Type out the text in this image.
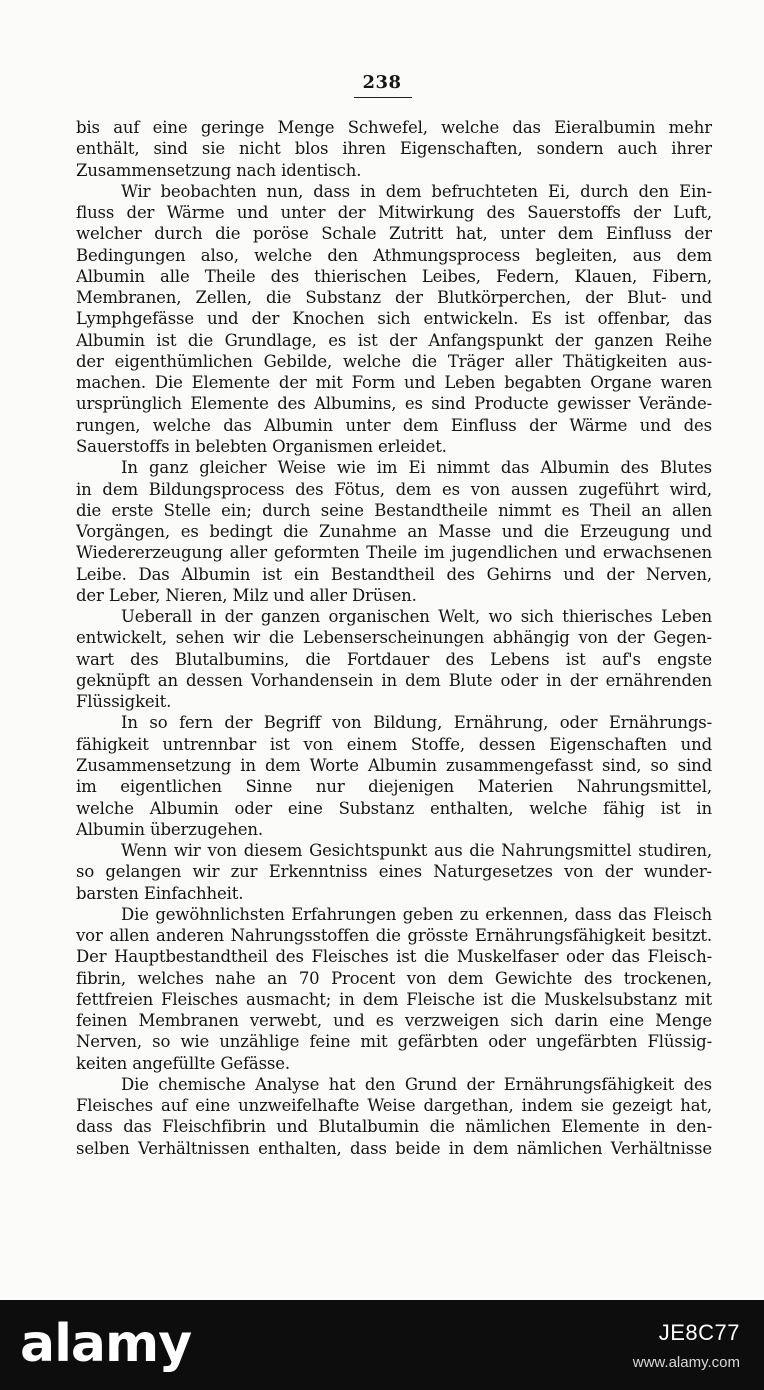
238
bis auf eine geringe Menge Schwefel, welche das Eieralbumin mehr
enthält, sind sie nicht blos ihren Eigenschaften, sondern auch ihrer
Zusammensetzung nach identisch.
Wir beobachten nun, dass in dem befruchteten Ei, durch den Ein-
fluss der Wärme und unter der Mitwirkung des Sauerstoffs der Luft,
welcher durch die poröse Schale Zutritt hat, unter dem Einfluss der
Bedingungen also, welche den Athmungsprocess begleiten, aus dem
Albumin alle Theile des thierischen Leibes, Federn, Klauen, Fibern,
Membranen, Zellen, die Substanz der Blutkörperchen, der Blut- und
Lymphgefässe und der Knochen sich entwickeln. Es ist offenbar, das
Albumin ist die Grundlage, es ist der Anfangspunkt der ganzen Reihe
der eigenthümlichen Gebilde, welche die Träger aller Thätigkeiten aus-
machen. Die Elemente der mit Form und Leben begabten Organe waren
ursprünglich Elemente des Albumins, es sind Producte gewisser Verände-
rungen, welche das Albumin unter dem Einfluss der Wärme und des
Sauerstoffs in belebten Organismen erleidet.
In ganz gleicher Weise wie im Ei nimmt das Albumin des Blutes
in dem Bildungsprocess des Fötus, dem es von aussen zugeführt wird,
die erste Stelle ein; durch seine Bestandtheile nimmt es Theil an allen
Vorgängen, es bedingt die Zunahme an Masse und die Erzeugung und
Wiedererzeugung aller geformten Theile im jugendlichen und erwachsenen
Leibe. Das Albumin ist ein Bestandtheil des Gehirns und der Nerven,
der Leber, Nieren, Milz und aller Drüsen.
Ueberall in der ganzen organischen Welt, wo sich thierisches Leben
entwickelt, sehen wir die Lebenserscheinungen abhängig von der Gegen-
wart des Blutalbumins, die Fortdauer des Lebens ist auf's engste
geknüpft an dessen Vorhandensein in dem Blute oder in der ernährenden
Flüssigkeit.
In so fern der Begriff von Bildung, Ernährung, oder Ernährungs-
fähigkeit untrennbar ist von einem Stoffe, dessen Eigenschaften und
Zusammensetzung in dem Worte Albumin zusammengefasst sind, so sind
im eigentlichen Sinne nur diejenigen Materien Nahrungsmittel,
welche Albumin oder eine Substanz enthalten, welche fähig ist in
Albumin überzugehen.
Wenn wir von diesem Gesichtspunkt aus die Nahrungsmittel studiren,
so gelangen wir zur Erkenntniss eines Naturgesetzes von der wunder-
barsten Einfachheit.
Die gewöhnlichsten Erfahrungen geben zu erkennen, dass das Fleisch
vor allen anderen Nahrungsstoffen die grösste Ernährungsfähigkeit besitzt.
Der Hauptbestandtheil des Fleisches ist die Muskelfaser oder das Fleisch-
fibrin, welches nahe an 70 Procent von dem Gewichte des trockenen,
fettfreien Fleisches ausmacht; in dem Fleische ist die Muskelsubstanz mit
feinen Membranen verwebt, und es verzweigen sich darin eine Menge
Nerven, so wie unzählige feine mit gefärbten oder ungefärbten Flüssig-
keiten angefüllte Gefässe.
Die chemische Analyse hat den Grund der Ernährungsfähigkeit des
Fleisches auf eine unzweifelhafte Weise dargethan, indem sie gezeigt hat,
dass das Fleischfibrin und Blutalbumin die nämlichen Elemente in den-
selben Verhältnissen enthalten, dass beide in dem nämlichen Verhältnisse
alamy	JE8C77
www.alamy.com
